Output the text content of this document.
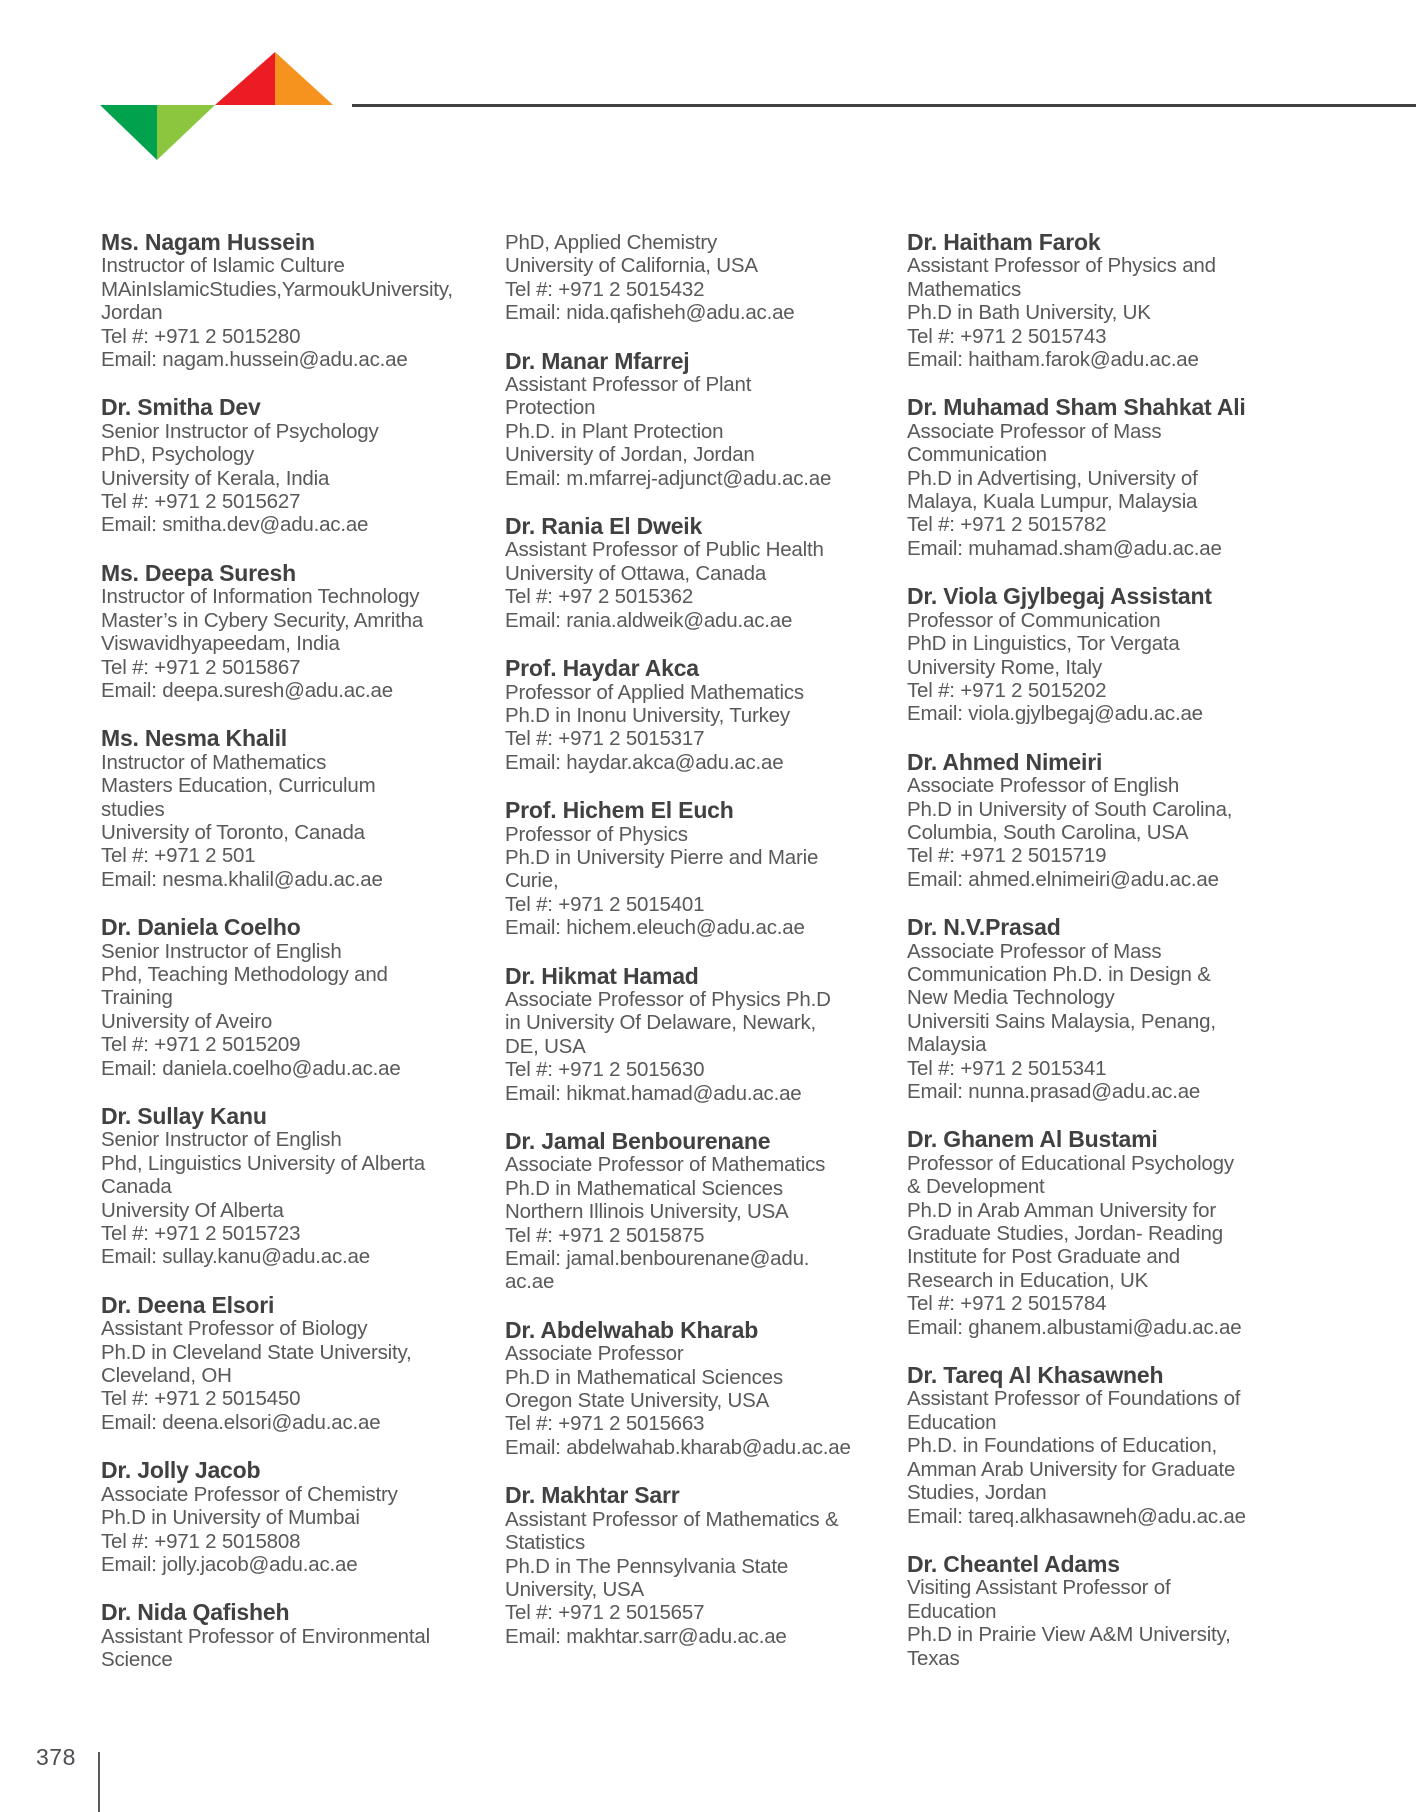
Ms. Nagam Hussein
Instructor of Islamic Culture
MAinIslamicStudies,YarmoukUniversity,
Jordan
Tel #: +971 2 5015280
Email: nagam.hussein@adu.ac.ae
Dr. Smitha Dev
Senior Instructor of Psychology
PhD, Psychology
University of Kerala, India
Tel #: +971 2 5015627
Email: smitha.dev@adu.ac.ae
Ms. Deepa Suresh
Instructor of Information Technology
Master’s in Cybery Security, Amritha
Viswavidhyapeedam, India
Tel #: +971 2 5015867
Email: deepa.suresh@adu.ac.ae
Ms. Nesma Khalil
Instructor of Mathematics
Masters Education, Curriculum
studies
University of Toronto, Canada
Tel #: +971 2 501
Email: nesma.khalil@adu.ac.ae
Dr. Daniela Coelho
Senior Instructor of English
Phd, Teaching Methodology and
Training
University of Aveiro
Tel #: +971 2 5015209
Email: daniela.coelho@adu.ac.ae
Dr. Sullay Kanu
Senior Instructor of English
Phd, Linguistics University of Alberta
Canada
University Of Alberta
Tel #: +971 2 5015723
Email: sullay.kanu@adu.ac.ae
Dr. Deena Elsori
Assistant Professor of Biology
Ph.D in Cleveland State University,
Cleveland, OH
Tel #: +971 2 5015450
Email: deena.elsori@adu.ac.ae
Dr. Jolly Jacob
Associate Professor of Chemistry
Ph.D in University of Mumbai
Tel #: +971 2 5015808
Email: jolly.jacob@adu.ac.ae
Dr. Nida Qafisheh
Assistant Professor of Environmental
Science
PhD, Applied Chemistry
University of California, USA
Tel #: +971 2 5015432
Email: nida.qafisheh@adu.ac.ae
Dr. Manar Mfarrej
Assistant Professor of Plant
Protection
Ph.D. in Plant Protection
University of Jordan, Jordan
Email: m.mfarrej-adjunct@adu.ac.ae
Dr. Rania El Dweik
Assistant Professor of Public Health
University of Ottawa, Canada
Tel #: +97 2 5015362
Email: rania.aldweik@adu.ac.ae
Prof. Haydar Akca
Professor of Applied Mathematics
Ph.D in Inonu University, Turkey
Tel #: +971 2 5015317
Email: haydar.akca@adu.ac.ae
Prof. Hichem El Euch
Professor of Physics
Ph.D in University Pierre and Marie
Curie,
Tel #: +971 2 5015401
Email: hichem.eleuch@adu.ac.ae
Dr. Hikmat Hamad
Associate Professor of Physics Ph.D
in University Of Delaware, Newark,
DE, USA
Tel #: +971 2 5015630
Email: hikmat.hamad@adu.ac.ae
Dr. Jamal Benbourenane
Associate Professor of Mathematics
Ph.D in Mathematical Sciences
Northern Illinois University, USA
Tel #: +971 2 5015875
Email: jamal.benbourenane@adu.
ac.ae
Dr. Abdelwahab Kharab
Associate Professor
Ph.D in Mathematical Sciences
Oregon State University, USA
Tel #: +971 2 5015663
Email: abdelwahab.kharab@adu.ac.ae
Dr. Makhtar Sarr
Assistant Professor of Mathematics &
Statistics
Ph.D in The Pennsylvania State
University, USA
Tel #: +971 2 5015657
Email: makhtar.sarr@adu.ac.ae
Dr. Haitham Farok
Assistant Professor of Physics and
Mathematics
Ph.D in Bath University, UK
Tel #: +971 2 5015743
Email: haitham.farok@adu.ac.ae
Dr. Muhamad Sham Shahkat Ali
Associate Professor of Mass
Communication
Ph.D in Advertising, University of
Malaya, Kuala Lumpur, Malaysia
Tel #: +971 2 5015782
Email: muhamad.sham@adu.ac.ae
Dr. Viola Gjylbegaj Assistant
Professor of Communication
PhD in Linguistics, Tor Vergata
University Rome, Italy
Tel #: +971 2 5015202
Email: viola.gjylbegaj@adu.ac.ae
Dr. Ahmed Nimeiri
Associate Professor of English
Ph.D in University of South Carolina,
Columbia, South Carolina, USA
Tel #: +971 2 5015719
Email: ahmed.elnimeiri@adu.ac.ae
Dr. N.V.Prasad
Associate Professor of Mass
Communication Ph.D. in Design &
New Media Technology
Universiti Sains Malaysia, Penang,
Malaysia
Tel #: +971 2 5015341
Email: nunna.prasad@adu.ac.ae
Dr. Ghanem Al Bustami
Professor of Educational Psychology
& Development
Ph.D in Arab Amman University for
Graduate Studies, Jordan- Reading
Institute for Post Graduate and
Research in Education, UK
Tel #: +971 2 5015784
Email: ghanem.albustami@adu.ac.ae
Dr. Tareq Al Khasawneh
Assistant Professor of Foundations of
Education
Ph.D. in Foundations of Education,
Amman Arab University for Graduate
Studies, Jordan
Email: tareq.alkhasawneh@adu.ac.ae
Dr. Cheantel Adams
Visiting Assistant Professor of
Education
Ph.D in Prairie View A&M University,
Texas
378
